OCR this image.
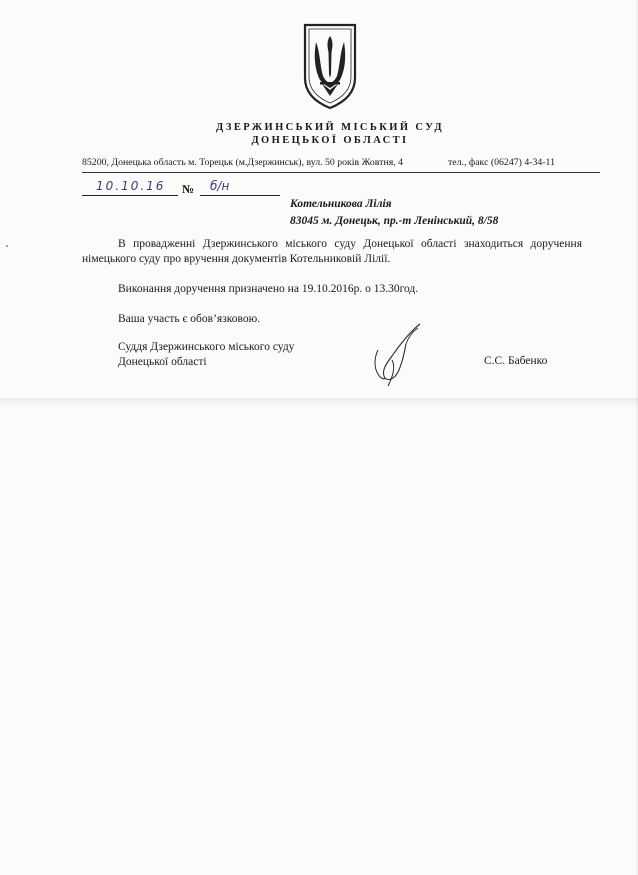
ДЗЕРЖИНСЬКИЙ МІСЬКИЙ СУД
ДОНЕЦЬКОЇ ОБЛАСТІ
85200, Донецька область м. Торецьк (м.Дзержинськ), вул. 50 років Жовтня, 4	тел., факс (06247) 4-34-11
10.10.16 № б/н
Котельникова Лілія
83045 м. Донецьк, пр.-т Ленінський, 8/58

В провадженні Дзержинського міського суду Донецької області знаходиться доручення німецького суду про вручення документів Котельниковій Лілії.

Виконання доручення призначено на 19.10.2016р. о 13.30год.

Ваша участь є обов’язковою.

Суддя Дзержинського міського суду
Донецької області	С.С. Бабенко
